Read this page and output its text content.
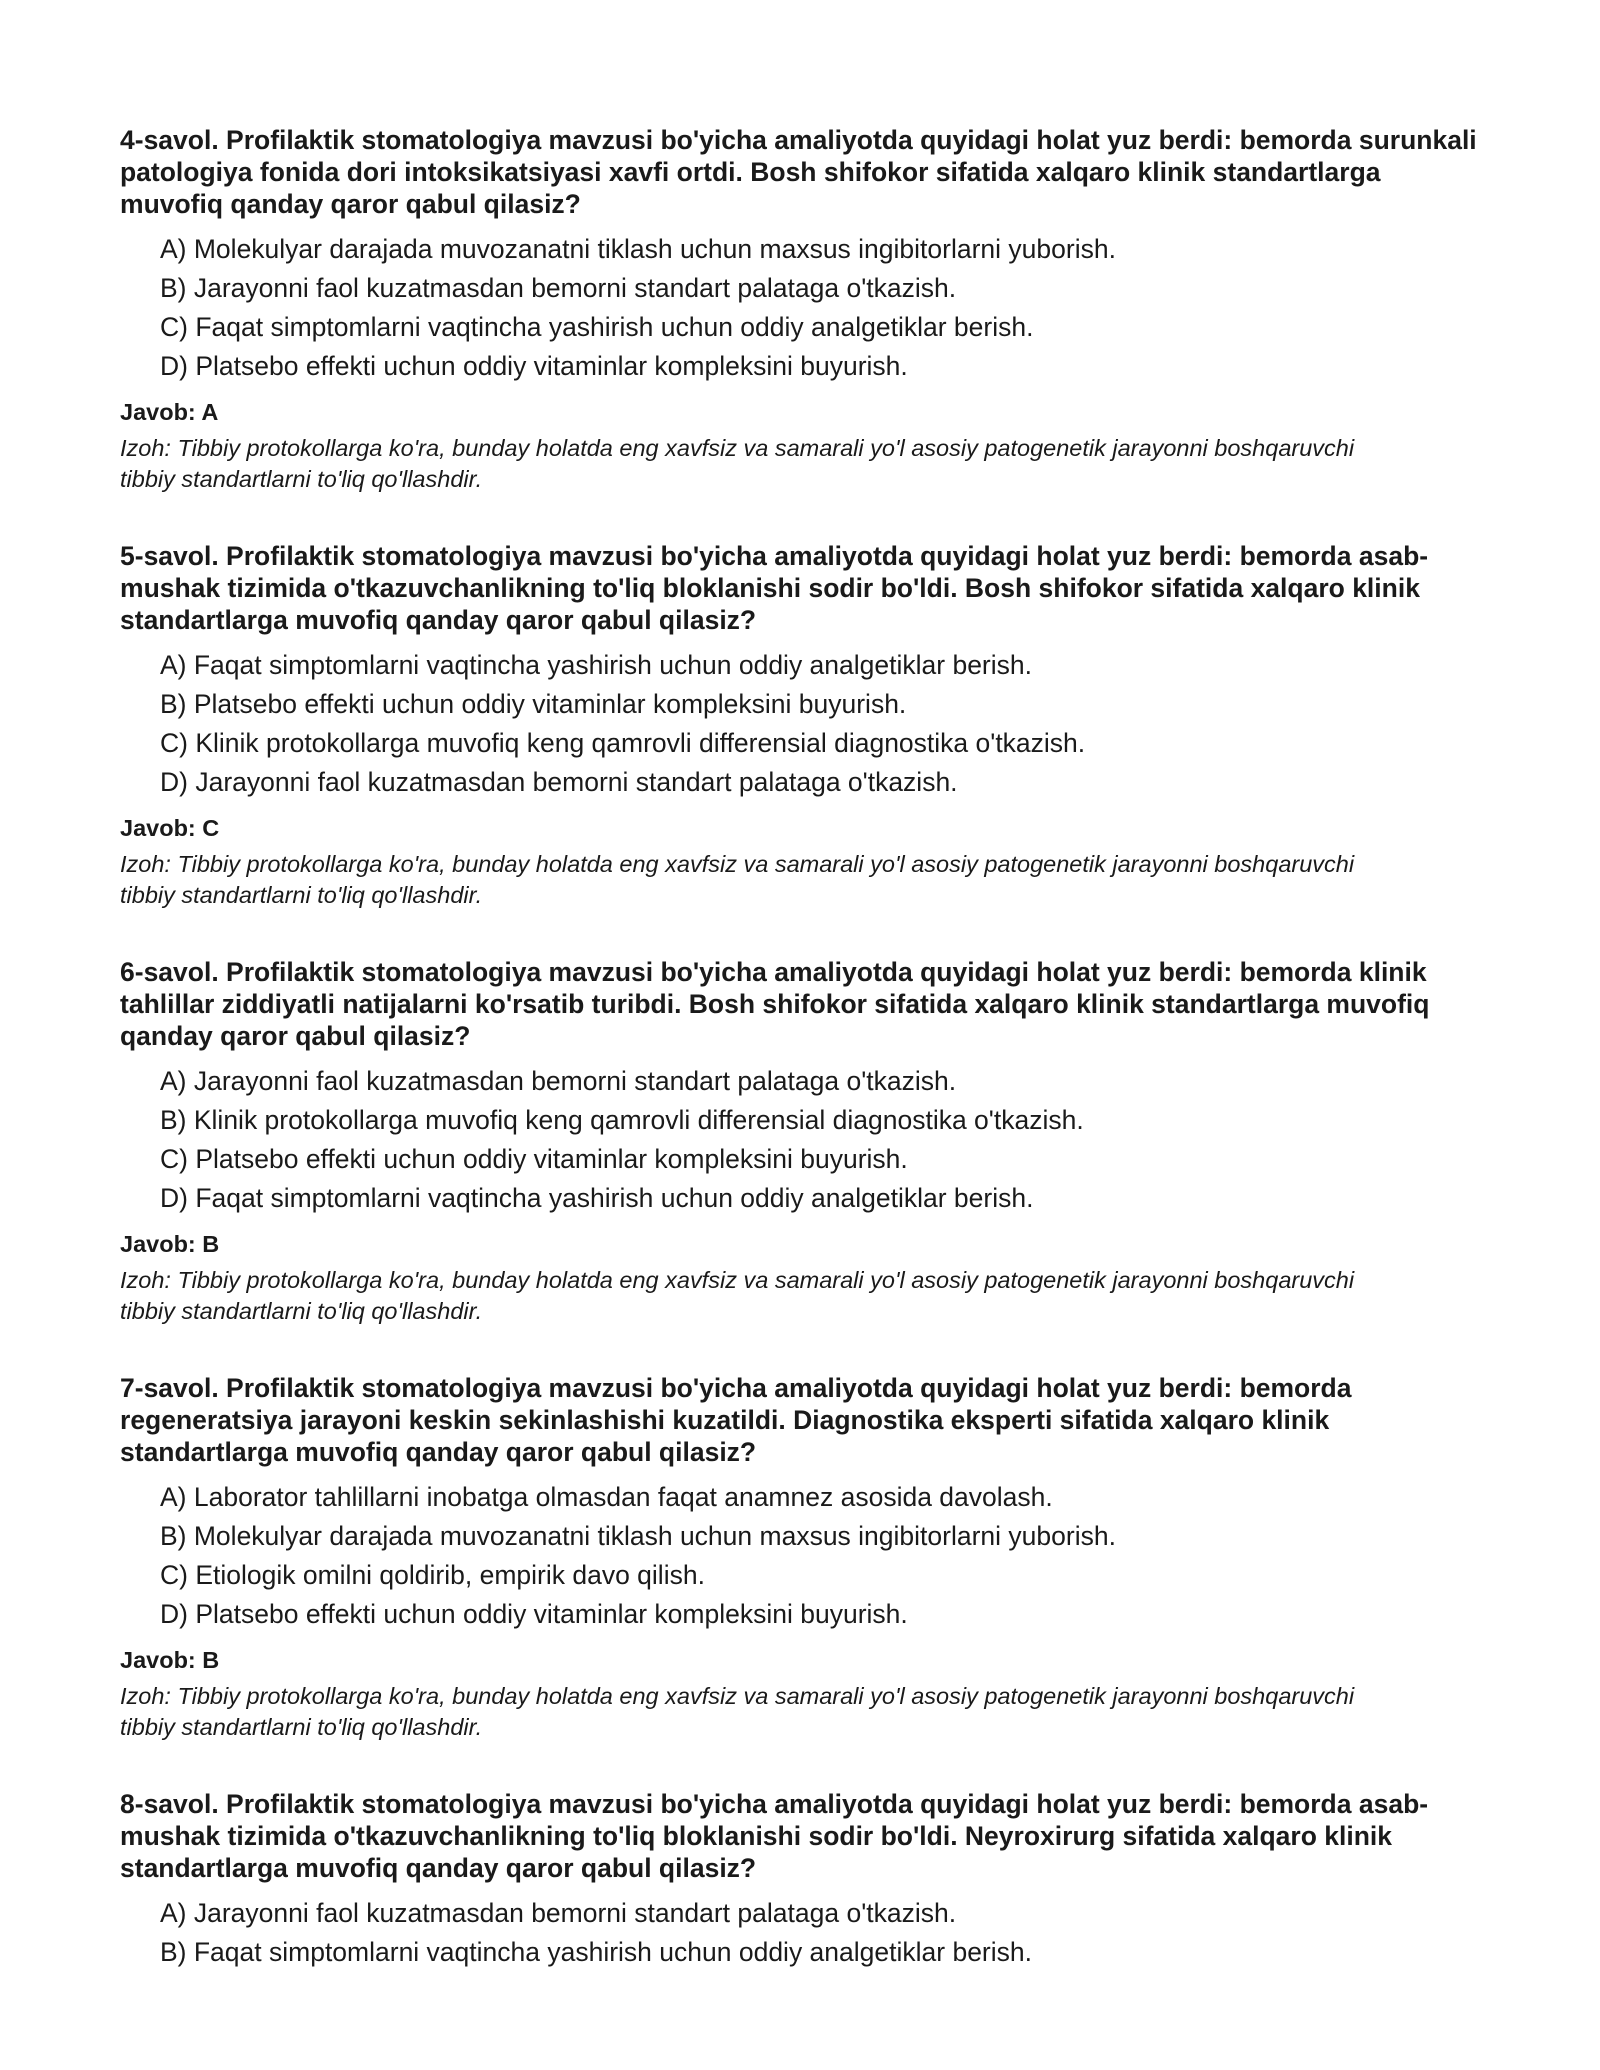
4-savol. Profilaktik stomatologiya mavzusi bo'yicha amaliyotda quyidagi holat yuz berdi: bemorda surunkali patologiya fonida dori intoksikatsiyasi xavfi ortdi. Bosh shifokor sifatida xalqaro klinik standartlarga muvofiq qanday qaror qabul qilasiz?

A) Molekulyar darajada muvozanatni tiklash uchun maxsus ingibitorlarni yuborish.
B) Jarayonni faol kuzatmasdan bemorni standart palataga o'tkazish.
C) Faqat simptomlarni vaqtincha yashirish uchun oddiy analgetiklar berish.
D) Platsebo effekti uchun oddiy vitaminlar kompleksini buyurish.

Javob: A

Izoh: Tibbiy protokollarga ko'ra, bunday holatda eng xavfsiz va samarali yo'l asosiy patogenetik jarayonni boshqaruvchi tibbiy standartlarni to'liq qo'llashdir.

5-savol. Profilaktik stomatologiya mavzusi bo'yicha amaliyotda quyidagi holat yuz berdi: bemorda asab-mushak tizimida o'tkazuvchanlikning to'liq bloklanishi sodir bo'ldi. Bosh shifokor sifatida xalqaro klinik standartlarga muvofiq qanday qaror qabul qilasiz?

A) Faqat simptomlarni vaqtincha yashirish uchun oddiy analgetiklar berish.
B) Platsebo effekti uchun oddiy vitaminlar kompleksini buyurish.
C) Klinik protokollarga muvofiq keng qamrovli differensial diagnostika o'tkazish.
D) Jarayonni faol kuzatmasdan bemorni standart palataga o'tkazish.

Javob: C

Izoh: Tibbiy protokollarga ko'ra, bunday holatda eng xavfsiz va samarali yo'l asosiy patogenetik jarayonni boshqaruvchi tibbiy standartlarni to'liq qo'llashdir.

6-savol. Profilaktik stomatologiya mavzusi bo'yicha amaliyotda quyidagi holat yuz berdi: bemorda klinik tahlillar ziddiyatli natijalarni ko'rsatib turibdi. Bosh shifokor sifatida xalqaro klinik standartlarga muvofiq qanday qaror qabul qilasiz?

A) Jarayonni faol kuzatmasdan bemorni standart palataga o'tkazish.
B) Klinik protokollarga muvofiq keng qamrovli differensial diagnostika o'tkazish.
C) Platsebo effekti uchun oddiy vitaminlar kompleksini buyurish.
D) Faqat simptomlarni vaqtincha yashirish uchun oddiy analgetiklar berish.

Javob: B

Izoh: Tibbiy protokollarga ko'ra, bunday holatda eng xavfsiz va samarali yo'l asosiy patogenetik jarayonni boshqaruvchi tibbiy standartlarni to'liq qo'llashdir.

7-savol. Profilaktik stomatologiya mavzusi bo'yicha amaliyotda quyidagi holat yuz berdi: bemorda regeneratsiya jarayoni keskin sekinlashishi kuzatildi. Diagnostika eksperti sifatida xalqaro klinik standartlarga muvofiq qanday qaror qabul qilasiz?

A) Laborator tahlillarni inobatga olmasdan faqat anamnez asosida davolash.
B) Molekulyar darajada muvozanatni tiklash uchun maxsus ingibitorlarni yuborish.
C) Etiologik omilni qoldirib, empirik davo qilish.
D) Platsebo effekti uchun oddiy vitaminlar kompleksini buyurish.

Javob: B

Izoh: Tibbiy protokollarga ko'ra, bunday holatda eng xavfsiz va samarali yo'l asosiy patogenetik jarayonni boshqaruvchi tibbiy standartlarni to'liq qo'llashdir.

8-savol. Profilaktik stomatologiya mavzusi bo'yicha amaliyotda quyidagi holat yuz berdi: bemorda asab-mushak tizimida o'tkazuvchanlikning to'liq bloklanishi sodir bo'ldi. Neyroxirurg sifatida xalqaro klinik standartlarga muvofiq qanday qaror qabul qilasiz?

A) Jarayonni faol kuzatmasdan bemorni standart palataga o'tkazish.
B) Faqat simptomlarni vaqtincha yashirish uchun oddiy analgetiklar berish.
